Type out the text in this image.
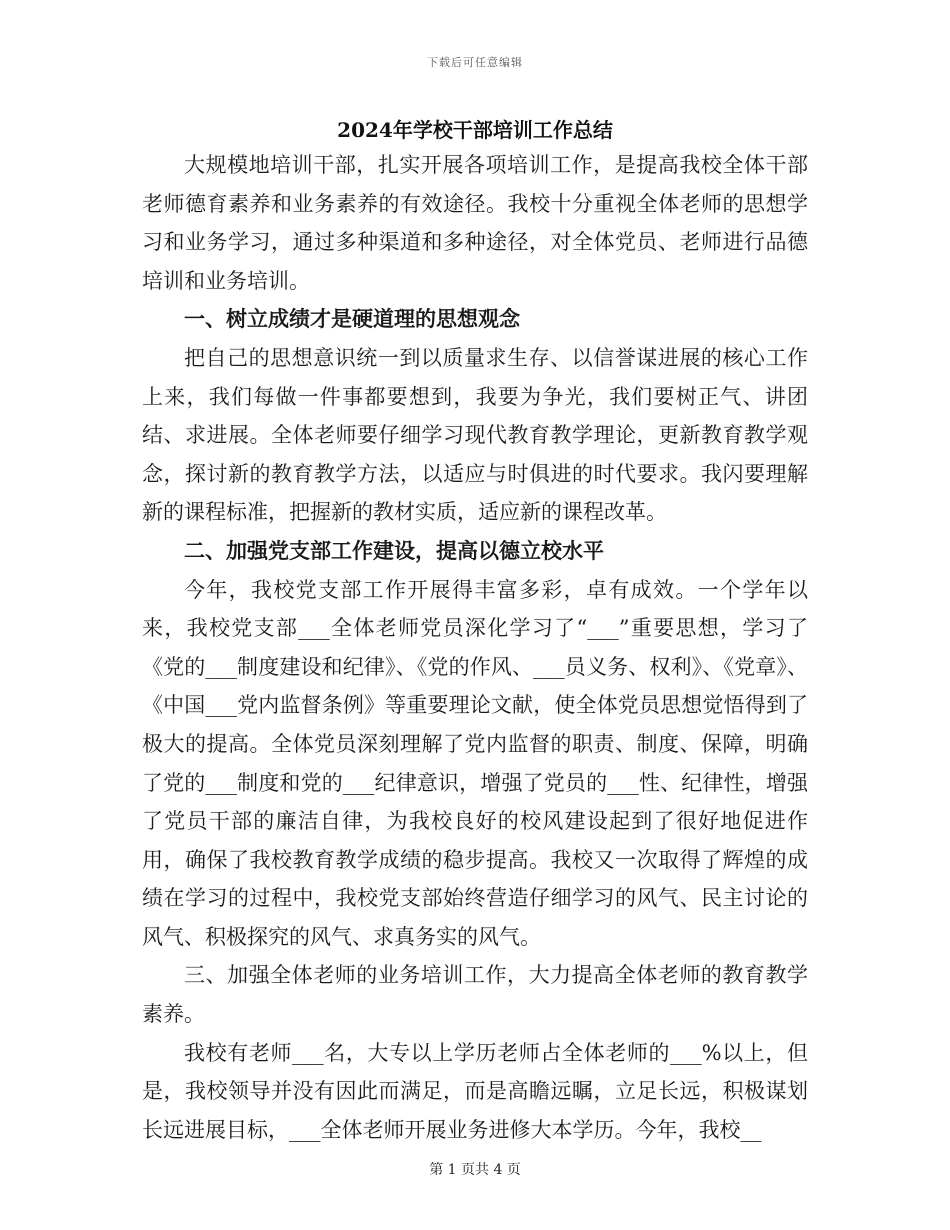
下载后可任意编辑
2024年学校干部培训工作总结

大规模地培训干部，扎实开展各项培训工作，是提高我校全体干部老师德育素养和业务素养的有效途径。我校十分重视全体老师的思想学习和业务学习，通过多种渠道和多种途径，对全体党员、老师进行品德培训和业务培训。

一、树立成绩才是硬道理的思想观念

把自己的思想意识统一到以质量求生存、以信誉谋进展的核心工作上来，我们每做一件事都要想到，我要为争光，我们要树正气、讲团结、求进展。全体老师要仔细学习现代教育教学理论，更新教育教学观念，探讨新的教育教学方法，以适应与时俱进的时代要求。我闪要理解新的课程标准，把握新的教材实质，适应新的课程改革。

二、加强党支部工作建设，提高以德立校水平

今年，我校党支部工作开展得丰富多彩，卓有成效。一个学年以来，我校党支部___全体老师党员深化学习了“___”重要思想，学习了《党的___制度建设和纪律》、《党的作风、___员义务、权利》、《党章》、《中国___党内监督条例》等重要理论文献，使全体党员思想觉悟得到了极大的提高。全体党员深刻理解了党内监督的职责、制度、保障，明确了党的___制度和党的___纪律意识，增强了党员的___性、纪律性，增强了党员干部的廉洁自律，为我校良好的校风建设起到了很好地促进作用，确保了我校教育教学成绩的稳步提高。我校又一次取得了辉煌的成绩在学习的过程中，我校党支部始终营造仔细学习的风气、民主讨论的风气、积极探究的风气、求真务实的风气。

三、加强全体老师的业务培训工作，大力提高全体老师的教育教学素养。

我校有老师___名，大专以上学历老师占全体老师的___%以上，但是，我校领导并没有因此而满足，而是高瞻远瞩，立足长远，积极谋划长远进展目标，___全体老师开展业务进修大本学历。今年，我校__

第 1 页共 4 页
